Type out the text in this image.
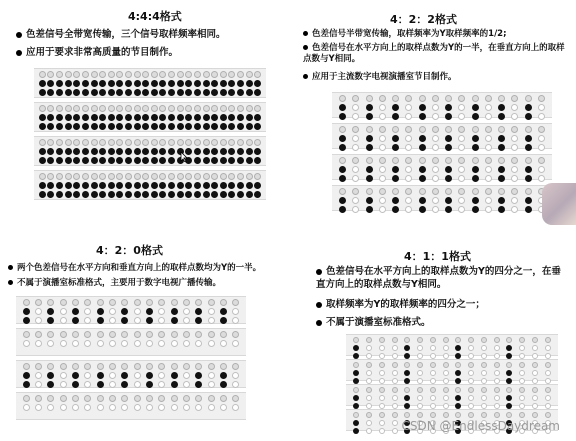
4:4:4格式
色差信号全带宽传输，三个信号取样频率相同。
应用于要求非常高质量的节目制作。
4：2：2格式
色差信号半带宽传输，取样频率为Y取样频率的1/2;
色差信号在水平方向上的取样点数为Y的一半，在垂直方向上的取样点数与Y相同。
应用于主流数字电视演播室节目制作。
4：2：0格式
两个色差信号在水平方向和垂直方向上的取样点数均为Y的一半。
不属于演播室标准格式，主要用于数字电视广播传输。
4：1：1格式
色差信号在水平方向上的取样点数为Y的四分之一，在垂直方向上的取样点数与Y相同。
取样频率为Y的取样频率的四分之一；
不属于演播室标准格式。
CSDN @EndlessDaydream
